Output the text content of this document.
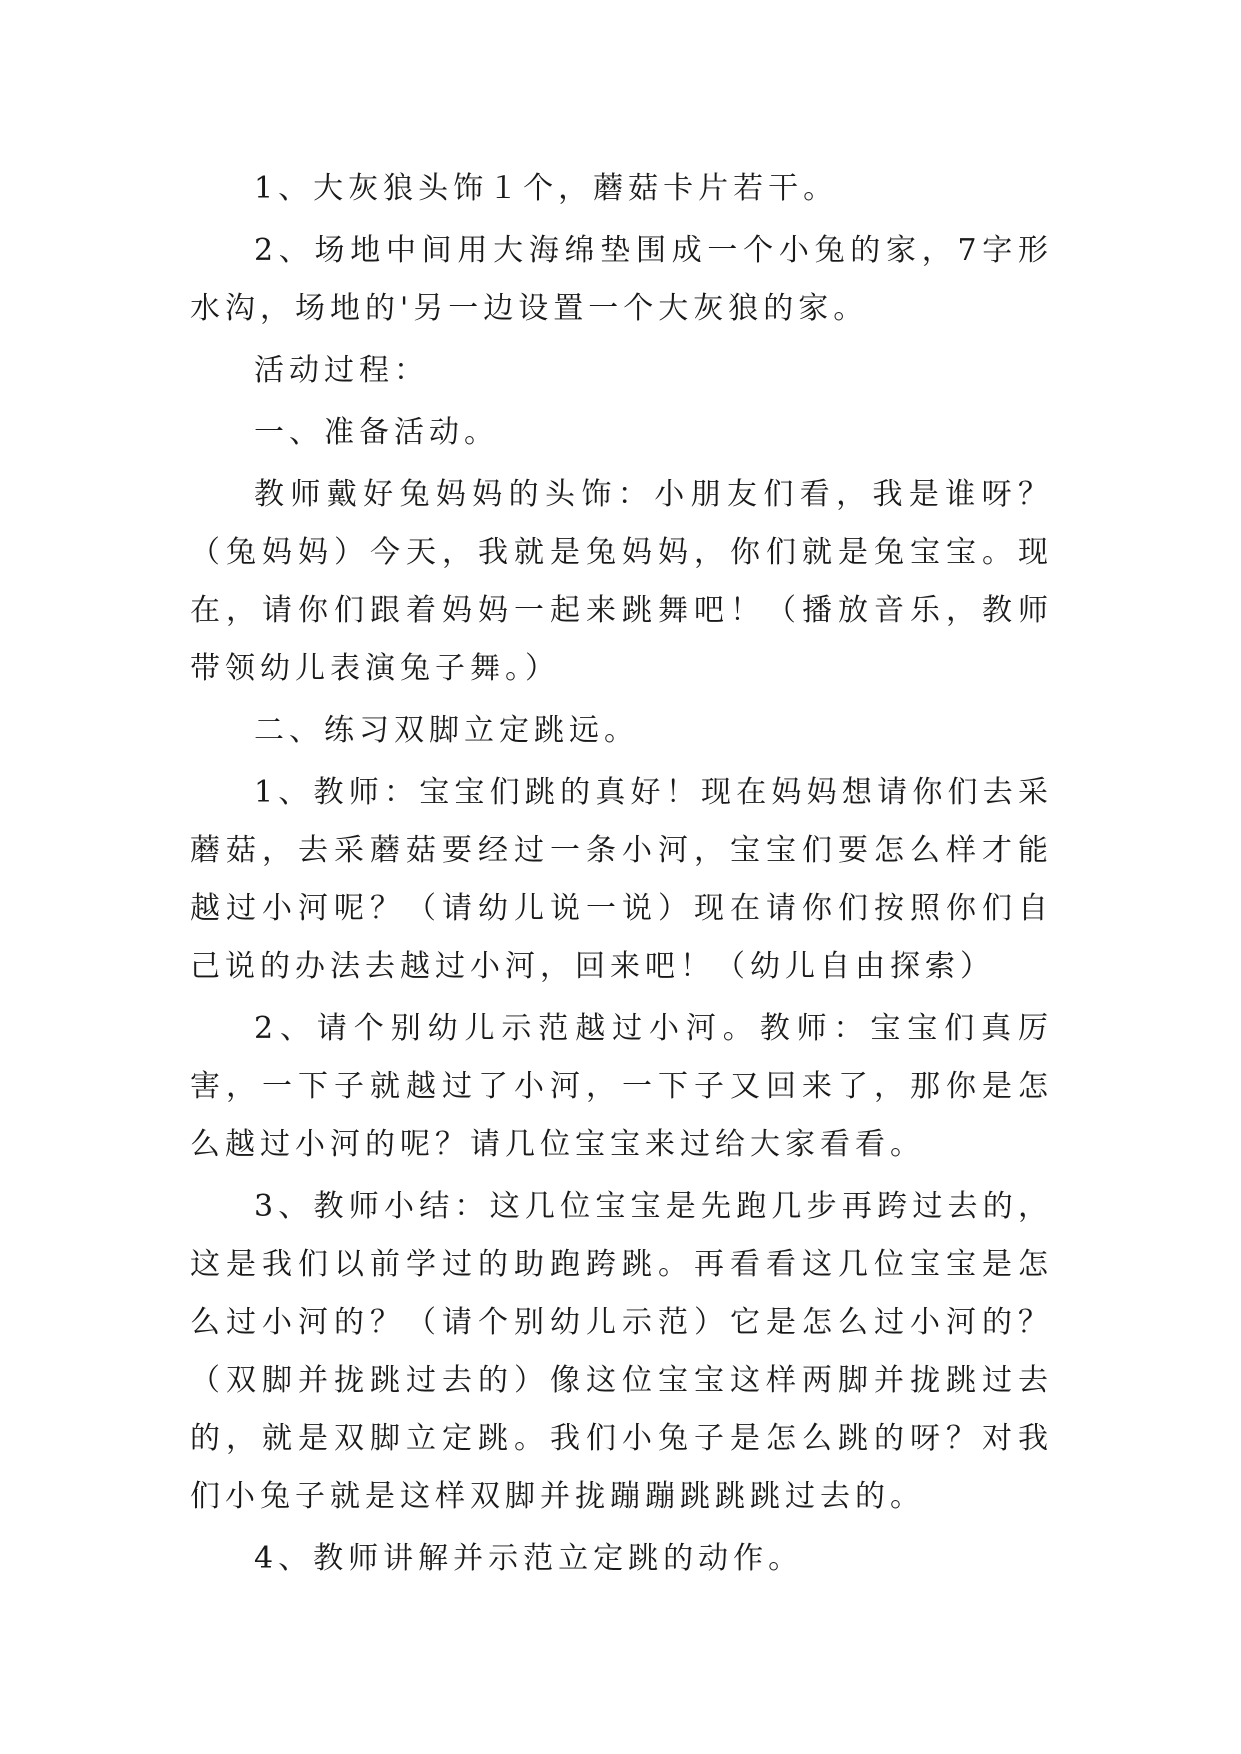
1、大灰狼头饰１个，蘑菇卡片若干。

2、场地中间用大海绵垫围成一个小兔的家，7字形水沟，场地的'另一边设置一个大灰狼的家。

活动过程：

一、准备活动。

教师戴好兔妈妈的头饰：小朋友们看，我是谁呀？（兔妈妈）今天，我就是兔妈妈，你们就是兔宝宝。现在，请你们跟着妈妈一起来跳舞吧！（播放音乐，教师带领幼儿表演兔子舞。）

二、练习双脚立定跳远。

1、教师：宝宝们跳的真好！现在妈妈想请你们去采蘑菇，去采蘑菇要经过一条小河，宝宝们要怎么样才能越过小河呢？（请幼儿说一说）现在请你们按照你们自己说的办法去越过小河，回来吧！（幼儿自由探索）

2、请个别幼儿示范越过小河。教师：宝宝们真厉害，一下子就越过了小河，一下子又回来了，那你是怎么越过小河的呢？请几位宝宝来过给大家看看。

3、教师小结：这几位宝宝是先跑几步再跨过去的，这是我们以前学过的助跑跨跳。再看看这几位宝宝是怎么过小河的？（请个别幼儿示范）它是怎么过小河的？（双脚并拢跳过去的）像这位宝宝这样两脚并拢跳过去的，就是双脚立定跳。我们小兔子是怎么跳的呀？对我们小兔子就是这样双脚并拢蹦蹦跳跳跳过去的。

4、教师讲解并示范立定跳的动作。
